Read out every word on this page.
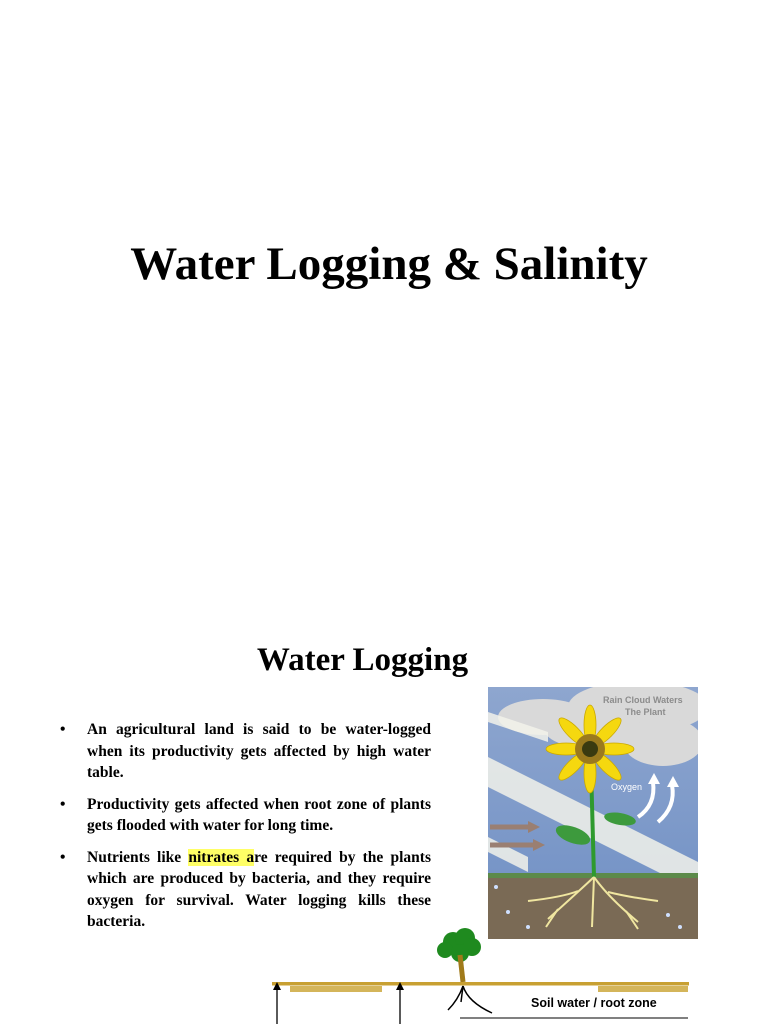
Water Logging & Salinity
Water Logging
• An agricultural land is said to be water-logged when its productivity gets affected by high water table.
• Productivity gets affected when root zone of plants gets flooded with water for long time.
• Nutrients like nitrates are required by the plants which are produced by bacteria, and they require oxygen for survival. Water logging kills these bacteria.
Rain Cloud Waters
The Plant
Oxygen
Soil water / root zone
